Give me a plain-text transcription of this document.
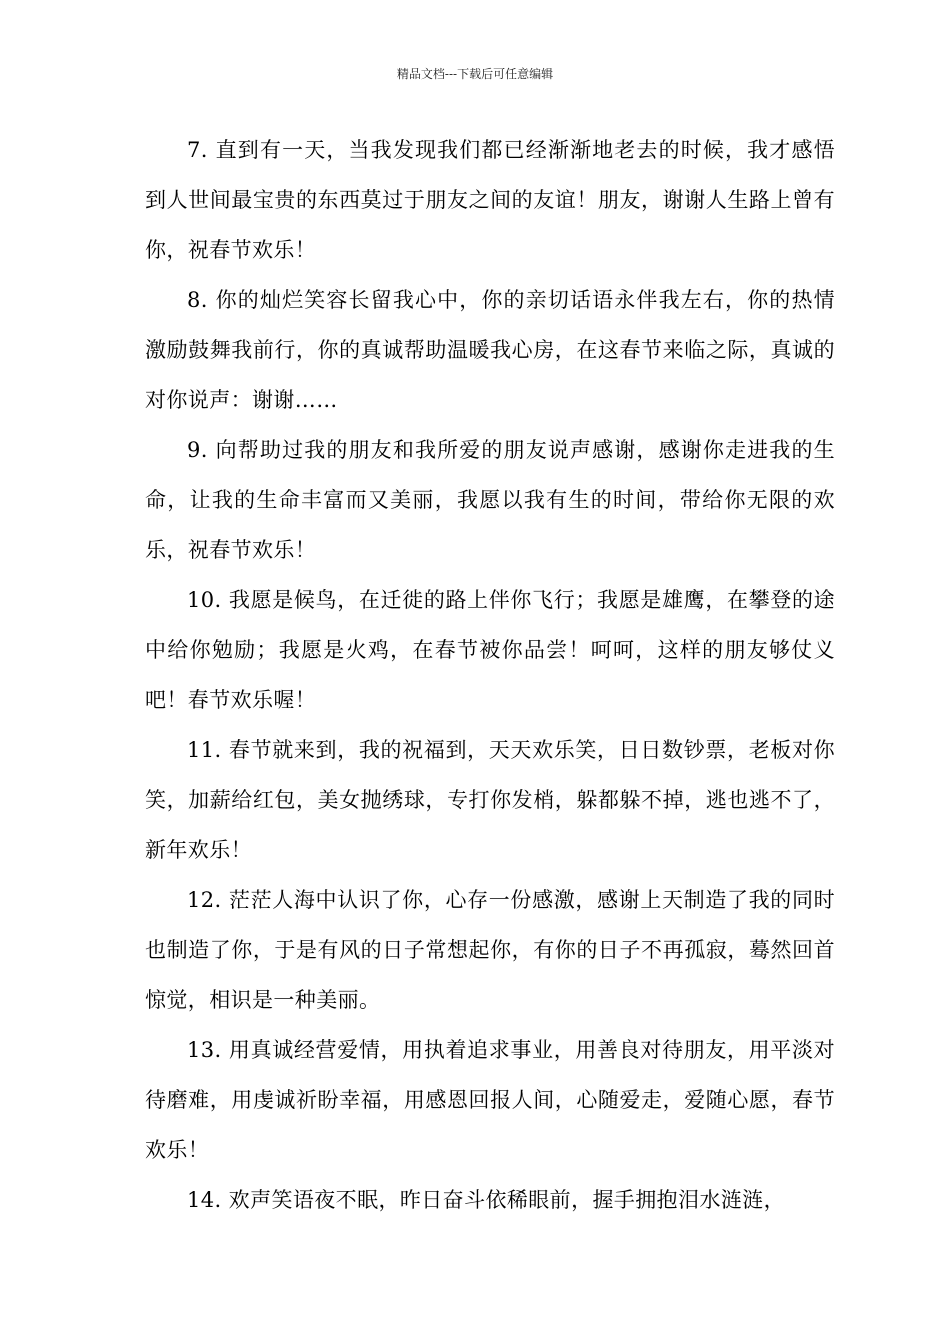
精品文档---下载后可任意编辑

7. 直到有一天，当我发现我们都已经渐渐地老去的时候，我才感悟到人世间最宝贵的东西莫过于朋友之间的友谊！朋友，谢谢人生路上曾有你，祝春节欢乐！

8. 你的灿烂笑容长留我心中，你的亲切话语永伴我左右，你的热情激励鼓舞我前行，你的真诚帮助温暖我心房，在这春节来临之际，真诚的对你说声：谢谢……

9. 向帮助过我的朋友和我所爱的朋友说声感谢，感谢你走进我的生命，让我的生命丰富而又美丽，我愿以我有生的时间，带给你无限的欢乐，祝春节欢乐！

10. 我愿是候鸟，在迁徙的路上伴你飞行；我愿是雄鹰，在攀登的途中给你勉励；我愿是火鸡，在春节被你品尝！呵呵，这样的朋友够仗义吧！春节欢乐喔！

11. 春节就来到，我的祝福到，天天欢乐笑，日日数钞票，老板对你笑，加薪给红包，美女抛绣球，专打你发梢，躲都躲不掉，逃也逃不了，新年欢乐！

12. 茫茫人海中认识了你，心存一份感激，感谢上天制造了我的同时也制造了你，于是有风的日子常想起你，有你的日子不再孤寂，蓦然回首惊觉，相识是一种美丽。

13. 用真诚经营爱情，用执着追求事业，用善良对待朋友，用平淡对待磨难，用虔诚祈盼幸福，用感恩回报人间，心随爱走，爱随心愿，春节欢乐！

14. 欢声笑语夜不眠，昨日奋斗依稀眼前，握手拥抱泪水涟涟，
